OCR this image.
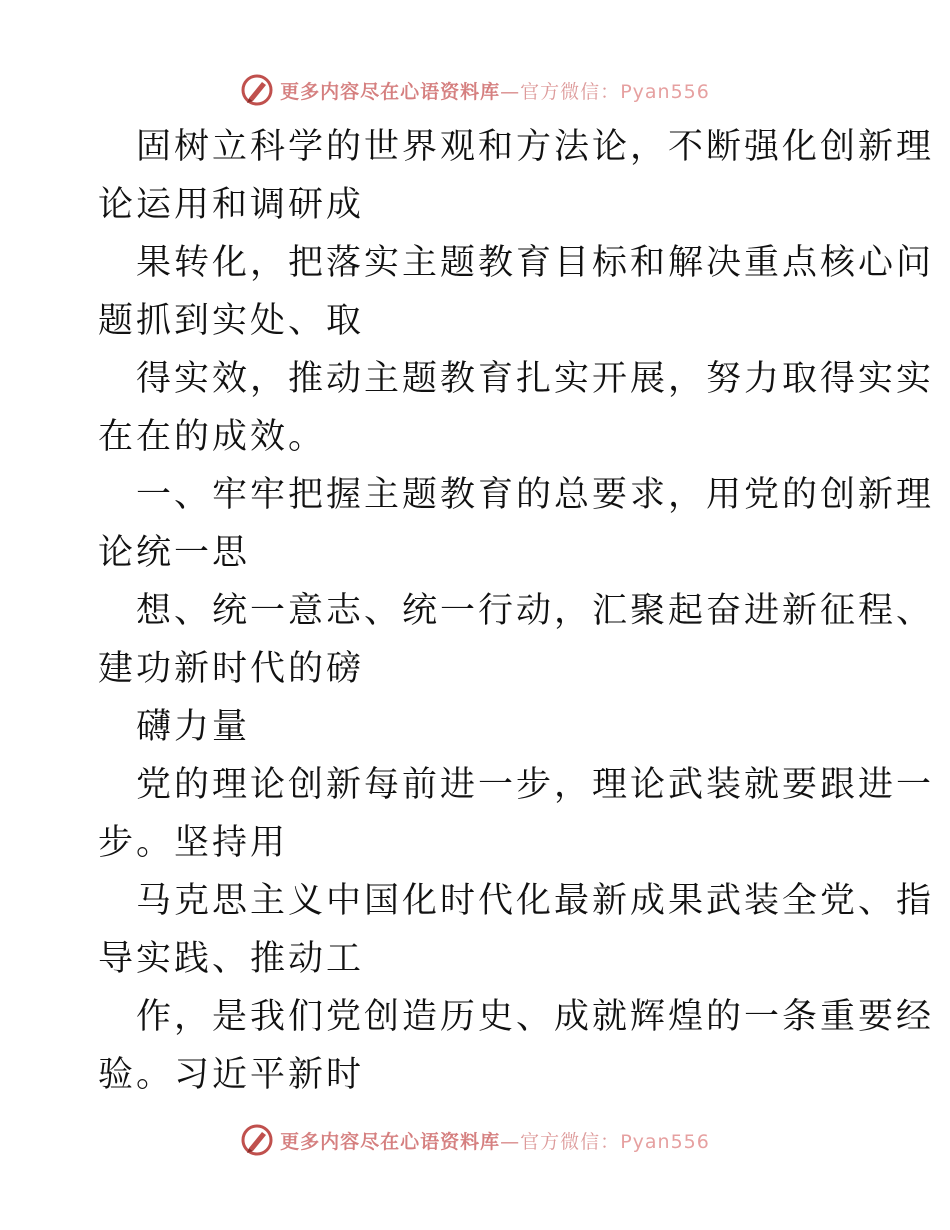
更多内容尽在心语资料库—官方微信：Pyan556
固树立科学的世界观和方法论，不断强化创新理
论运用和调研成
果转化，把落实主题教育目标和解决重点核心问
题抓到实处、取
得实效，推动主题教育扎实开展，努力取得实实
在在的成效。
一、牢牢把握主题教育的总要求，用党的创新理
论统一思
想、统一意志、统一行动，汇聚起奋进新征程、
建功新时代的磅
礴力量
党的理论创新每前进一步，理论武装就要跟进一
步。坚持用
马克思主义中国化时代化最新成果武装全党、指
导实践、推动工
作，是我们党创造历史、成就辉煌的一条重要经
验。习近平新时
更多内容尽在心语资料库—官方微信：Pyan556
